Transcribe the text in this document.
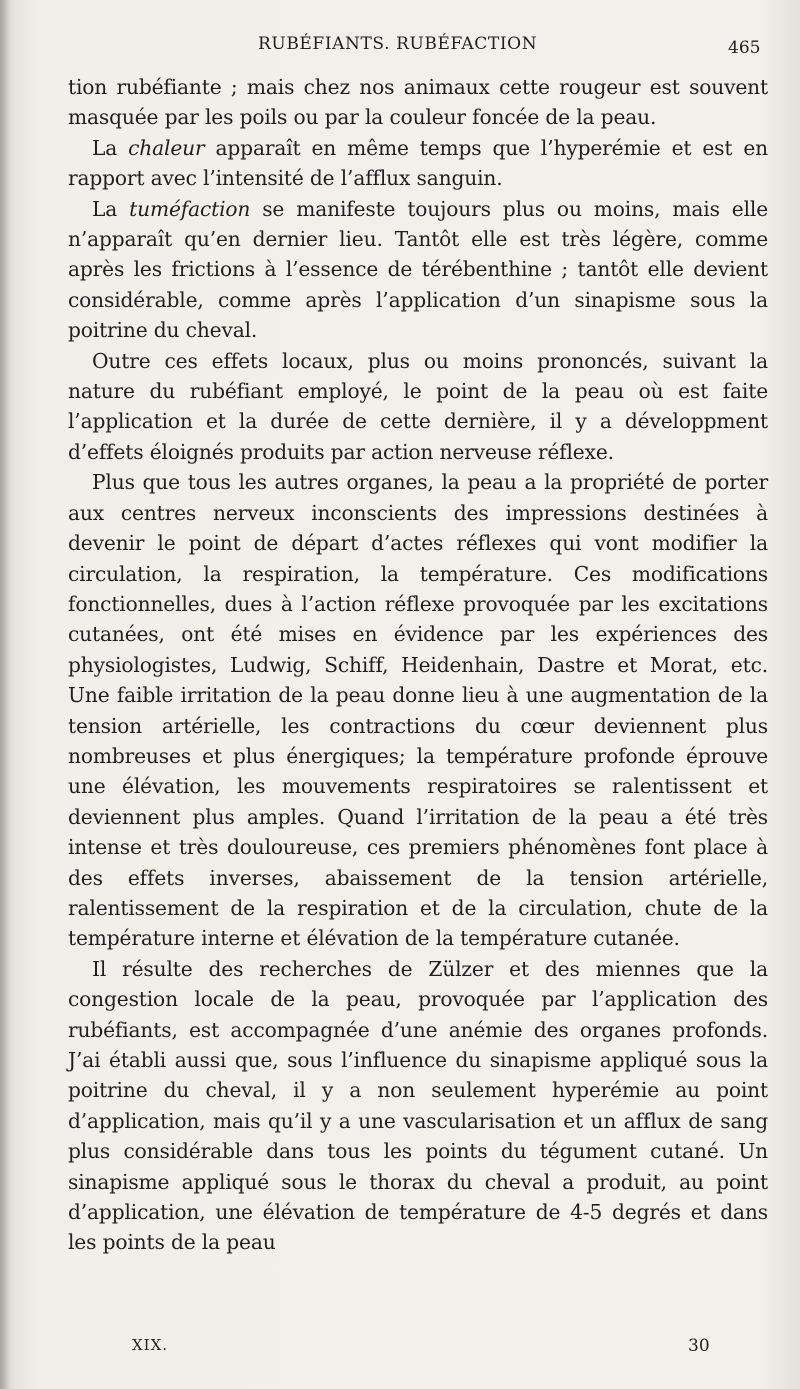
RUBÉFIANTS. RUBÉFACTION	465

tion rubéfiante ; mais chez nos animaux cette rougeur est souvent masquée par les poils ou par la couleur foncée de la peau.

La chaleur apparaît en même temps que l’hyperémie et est en rapport avec l’intensité de l’afflux sanguin.

La tuméfaction se manifeste toujours plus ou moins, mais elle n’apparaît qu’en dernier lieu. Tantôt elle est très légère, comme après les frictions à l’essence de térébenthine ; tantôt elle devient considérable, comme après l’application d’un sinapisme sous la poitrine du cheval.

Outre ces effets locaux, plus ou moins prononcés, suivant la nature du rubéfiant employé, le point de la peau où est faite l’application et la durée de cette dernière, il y a développment d’effets éloignés produits par action nerveuse réflexe.

Plus que tous les autres organes, la peau a la propriété de porter aux centres nerveux inconscients des impressions destinées à devenir le point de départ d’actes réflexes qui vont modifier la circulation, la respiration, la température. Ces modifications fonctionnelles, dues à l’action réflexe provoquée par les excitations cutanées, ont été mises en évidence par les expériences des physiologistes, Ludwig, Schiff, Heidenhain, Dastre et Morat, etc. Une faible irritation de la peau donne lieu à une augmentation de la tension artérielle, les contractions du cœur deviennent plus nombreuses et plus énergiques; la température profonde éprouve une élévation, les mouvements respiratoires se ralentissent et deviennent plus amples. Quand l’irritation de la peau a été très intense et très douloureuse, ces premiers phénomènes font place à des effets inverses, abaissement de la tension artérielle, ralentissement de la respiration et de la circulation, chute de la température interne et élévation de la température cutanée.

Il résulte des recherches de Zülzer et des miennes que la congestion locale de la peau, provoquée par l’application des rubéfiants, est accompagnée d’une anémie des organes profonds. J’ai établi aussi que, sous l’influence du sinapisme appliqué sous la poitrine du cheval, il y a non seulement hyperémie au point d’application, mais qu’il y a une vascularisation et un afflux de sang plus considérable dans tous les points du tégument cutané. Un sinapisme appliqué sous le thorax du cheval a produit, au point d’application, une élévation de température de 4-5 degrés et dans les points de la peau

XIX.	30
